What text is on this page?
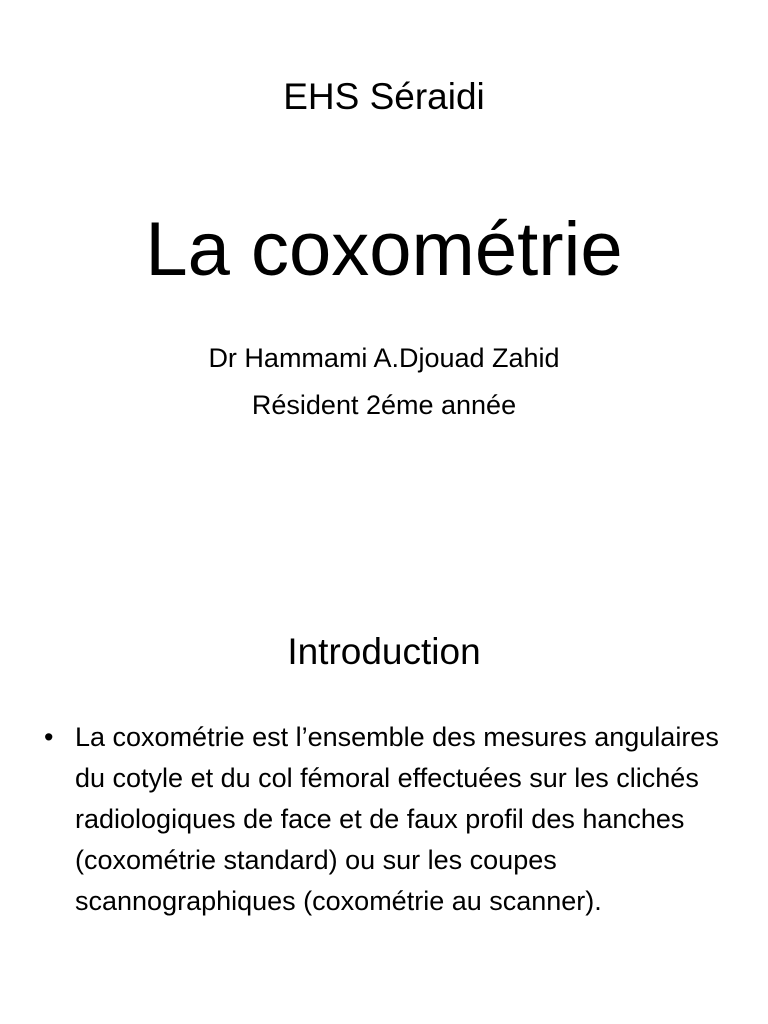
EHS Séraidi
La coxométrie
Dr Hammami A.Djouad Zahid
Résident 2éme année
Introduction
• La coxométrie est l’ensemble des mesures angulaires du cotyle et du col fémoral effectuées sur les clichés radiologiques de face et de faux profil des hanches (coxométrie standard) ou sur les coupes scannographiques (coxométrie au scanner).
